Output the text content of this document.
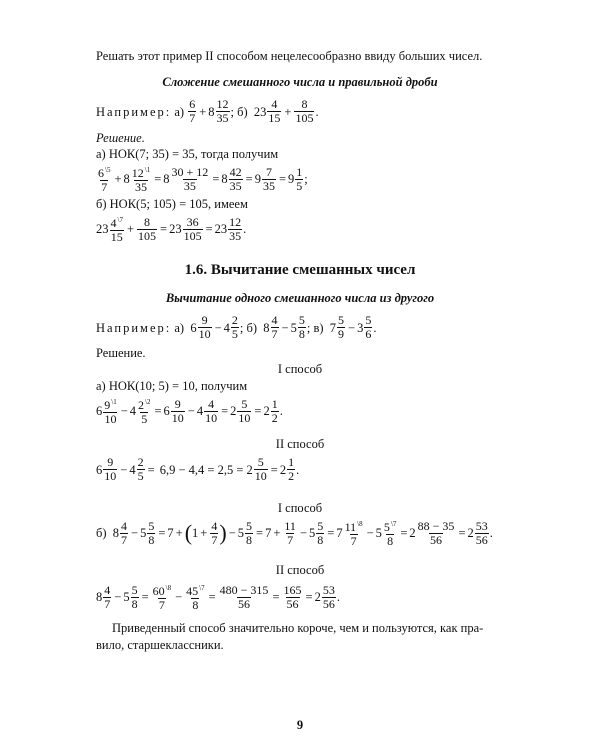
Решать этот пример II способом нецелесообразно ввиду больших чисел.
Сложение смешанного числа и правильной дроби
Например:
а)

6
$7 + 8 \frac{12}{35}$ ;
б) 23
4
$15 + \frac{8}{105}$ .
Решение.
а) НОК(7; 35) = 35, тогда получим
$6^{\backslash 5}$
7
+ $8 \frac{12^{\backslash 1}}{35} = 8 \frac{30 + 12}{35} = 8 \frac{42}{35} = 9 \frac{7}{35} = 9 \frac{1}{5}$ ;
б) НОК(5; 105) = 105, имеем
23 $4^{\backslash 7}$
15
+ $\frac{8}{105} = 23 \frac{36}{105} = 23 \frac{12}{35}$ .
1.6. Вычитание смешанных чисел
Вычитание одного смешанного числа из другого
Например:
а) 6
9
$10 - 4 \frac{2}{5}$ ; б) 8
4
$7 - 5 \frac{5}{8}$ ; в) 7
5
$9 - 3 \frac{5}{6}$ .
Решение.
I способ
а) НОК(10; 5) = 10, получим
6 $9^{\backslash 1}$
10
− $4 \frac{2^{\backslash 2}}{5} = 6 \frac{9}{10} - 4 \frac{4}{10} = 2 \frac{5}{10} = 2 \frac{1}{2}$ .
II способ
6
9
$10 - 4 \frac{2}{5} = 6,9 - 4,4 = 2,5 = 2 \frac{5}{10} = 2 \frac{1}{2}$ .
I способ
б) 8
4
$7 - 5 \frac{5}{8} = 7$ + ( $1 + \frac{4}{7}$ ) − $5 \frac{5}{8} = 7 + \frac{11}{7} - 5 \frac{5}{8} = 7 \frac{11^{\backslash 8}}{7} - 5 \frac{5^{\backslash 7}}{8} = 2 \frac{88 - 35}{56} = 2 \frac{53}{56}$ .
II способ
8
4
$7 - 5 \frac{5}{8} = \frac{60^{\backslash 8}}{7} - \frac{45^{\backslash 7}}{8} = \frac{480 - 315}{56} = \frac{165}{56} = 2 \frac{53}{56}$ .
Приведенный способ значительно короче, чем и пользуются, как пра-
вило, старшеклассники.
9
